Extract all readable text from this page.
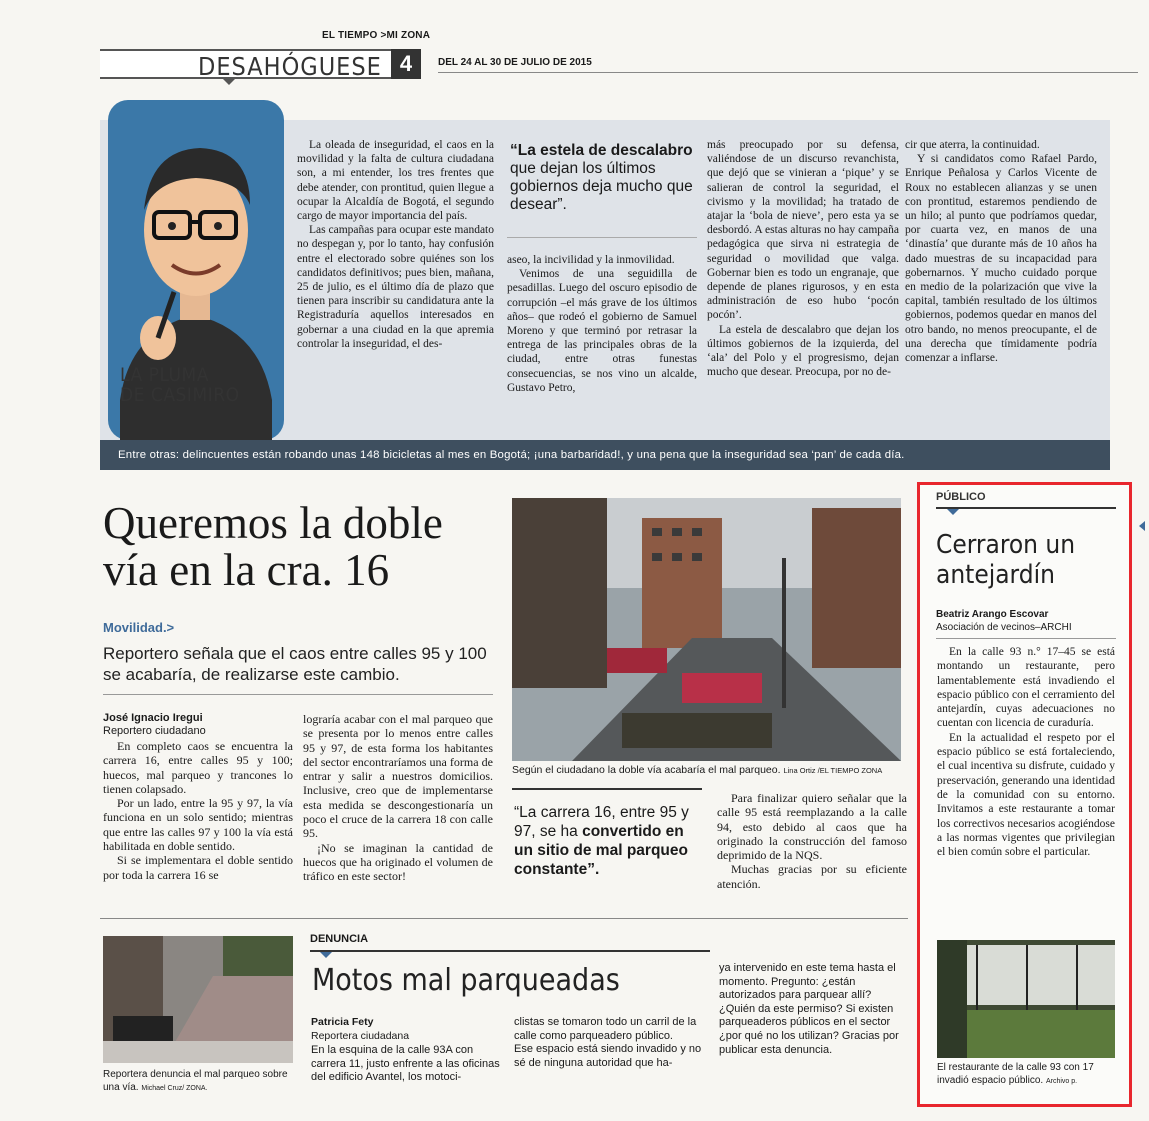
EL TIEMPO >MI ZONA
DESAHÓGUESE 4	DEL 24 AL 30 DE JULIO DE 2015
LA PLUMA
DE CASIMIRO

La oleada de inseguridad, el caos en la movilidad y la falta de cultura ciudadana son, a mi entender, los tres frentes que debe atender, con prontitud, quien llegue a ocupar la Alcaldía de Bogotá, el segundo cargo de mayor importancia del país.

Las campañas para ocupar este mandato no despegan y, por lo tanto, hay confusión entre el electorado sobre quiénes son los candidatos definitivos; pues bien, mañana, 25 de julio, es el último día de plazo que tienen para inscribir su candidatura ante la Registraduría aquellos interesados en gobernar a una ciudad en la que apremia controlar la inseguridad, el des-

“La estela de descalabro que dejan los últimos gobiernos deja mucho que desear”.

aseo, la incivilidad y la inmovilidad.

Venimos de una seguidilla de pesadillas. Luego del oscuro episodio de corrupción –el más grave de los últimos años– que rodeó el gobierno de Samuel Moreno y que terminó por retrasar la entrega de las principales obras de la ciudad, entre otras funestas consecuencias, se nos vino un alcalde, Gustavo Petro,

más preocupado por su defensa, valiéndose de un discurso revanchista, que dejó que se vinieran a ‘pique’ y se salieran de control la seguridad, el civismo y la movilidad; ha tratado de atajar la ‘bola de nieve’, pero esta ya se desbordó. A estas alturas no hay campaña pedagógica que sirva ni estrategia de seguridad o movilidad que valga. Gobernar bien es todo un engranaje, que depende de planes rigurosos, y en esta administración de eso hubo ‘pocón pocón’.

La estela de descalabro que dejan los últimos gobiernos de la izquierda, del ‘ala’ del Polo y el progresismo, dejan mucho que desear. Preocupa, por no de-

cir que aterra, la continuidad.

Y si candidatos como Rafael Pardo, Enrique Peñalosa y Carlos Vicente de Roux no establecen alianzas y se unen con prontitud, estaremos pendiendo de un hilo; al punto que podríamos quedar, por cuarta vez, en manos de una ‘dinastía’ que durante más de 10 años ha dado muestras de su incapacidad para gobernarnos. Y mucho cuidado porque en medio de la polarización que vive la capital, también resultado de los últimos gobiernos, podemos quedar en manos del otro bando, no menos preocupante, el de una derecha que tímidamente podría comenzar a inflarse.

Entre otras: delincuentes están robando unas 148 bicicletas al mes en Bogotá; ¡una barbaridad!, y una pena que la inseguridad sea ‘pan’ de cada día.
Queremos la doble vía en la cra. 16
Movilidad.>
Reportero señala que el caos entre calles 95 y 100 se acabaría, de realizarse este cambio.
José Ignacio Iregui
Reportero ciudadano

En completo caos se encuentra la carrera 16, entre calles 95 y 100; huecos, mal parqueo y trancones lo tienen colapsado.

Por un lado, entre la 95 y 97, la vía funciona en un solo sentido; mientras que entre las calles 97 y 100 la vía está habilitada en doble sentido.

Si se implementara el doble sentido por toda la carrera 16 se

lograría acabar con el mal parqueo que se presenta por lo menos entre calles 95 y 97, de esta forma los habitantes del sector encontraríamos una forma de entrar y salir a nuestros domicilios. Inclusive, creo que de implementarse esta medida se descongestionaría un poco el cruce de la carrera 18 con calle 95.

¡No se imaginan la cantidad de huecos que ha originado el volumen de tráfico en este sector!

Según el ciudadano la doble vía acabaría el mal parqueo. Lina Ortiz /EL TIEMPO ZONA
“La carrera 16, entre 95 y 97, se ha convertido en un sitio de mal parqueo constante”.

Para finalizar quiero señalar que la calle 95 está reemplazando a la calle 94, esto debido al caos que ha originado la construcción del famoso deprimido de la NQS.

Muchas gracias por su eficiente atención.

PÚBLICO
Cerraron un antejardín
Beatriz Arango Escovar
Asociación de vecinos–ARCHI

En la calle 93 n.° 17–45 se está montando un restaurante, pero lamentablemente está invadiendo el espacio público con el cerramiento del antejardín, cuyas adecuaciones no cuentan con licencia de curaduría.

En la actualidad el respeto por el espacio público se está fortaleciendo, el cual incentiva su disfrute, cuidado y preservación, generando una identidad de la comunidad con su entorno. Invitamos a este restaurante a tomar los correctivos necesarios acogiéndose a las normas vigentes que privilegian el bien común sobre el particular.

El restaurante de la calle 93 con 17 invadió espacio público. Archivo p.
Reportera denuncia el mal parqueo sobre una vía. Michael Cruz/ ZONA.
DENUNCIA
Motos mal parqueadas
Patricia Fety
Reportera ciudadana
En la esquina de la calle 93A con carrera 11, justo enfrente a las oficinas del edificio Avantel, los motoci-

clistas se tomaron todo un carril de la calle como parqueadero público.

Ese espacio está siendo invadido y no sé de ninguna autoridad que ha-

ya intervenido en este tema hasta el momento. Pregunto: ¿están autorizados para parquear allí? ¿Quién da este permiso? Si existen parqueaderos públicos en el sector ¿por qué no los utilizan? Gracias por publicar esta denuncia.
